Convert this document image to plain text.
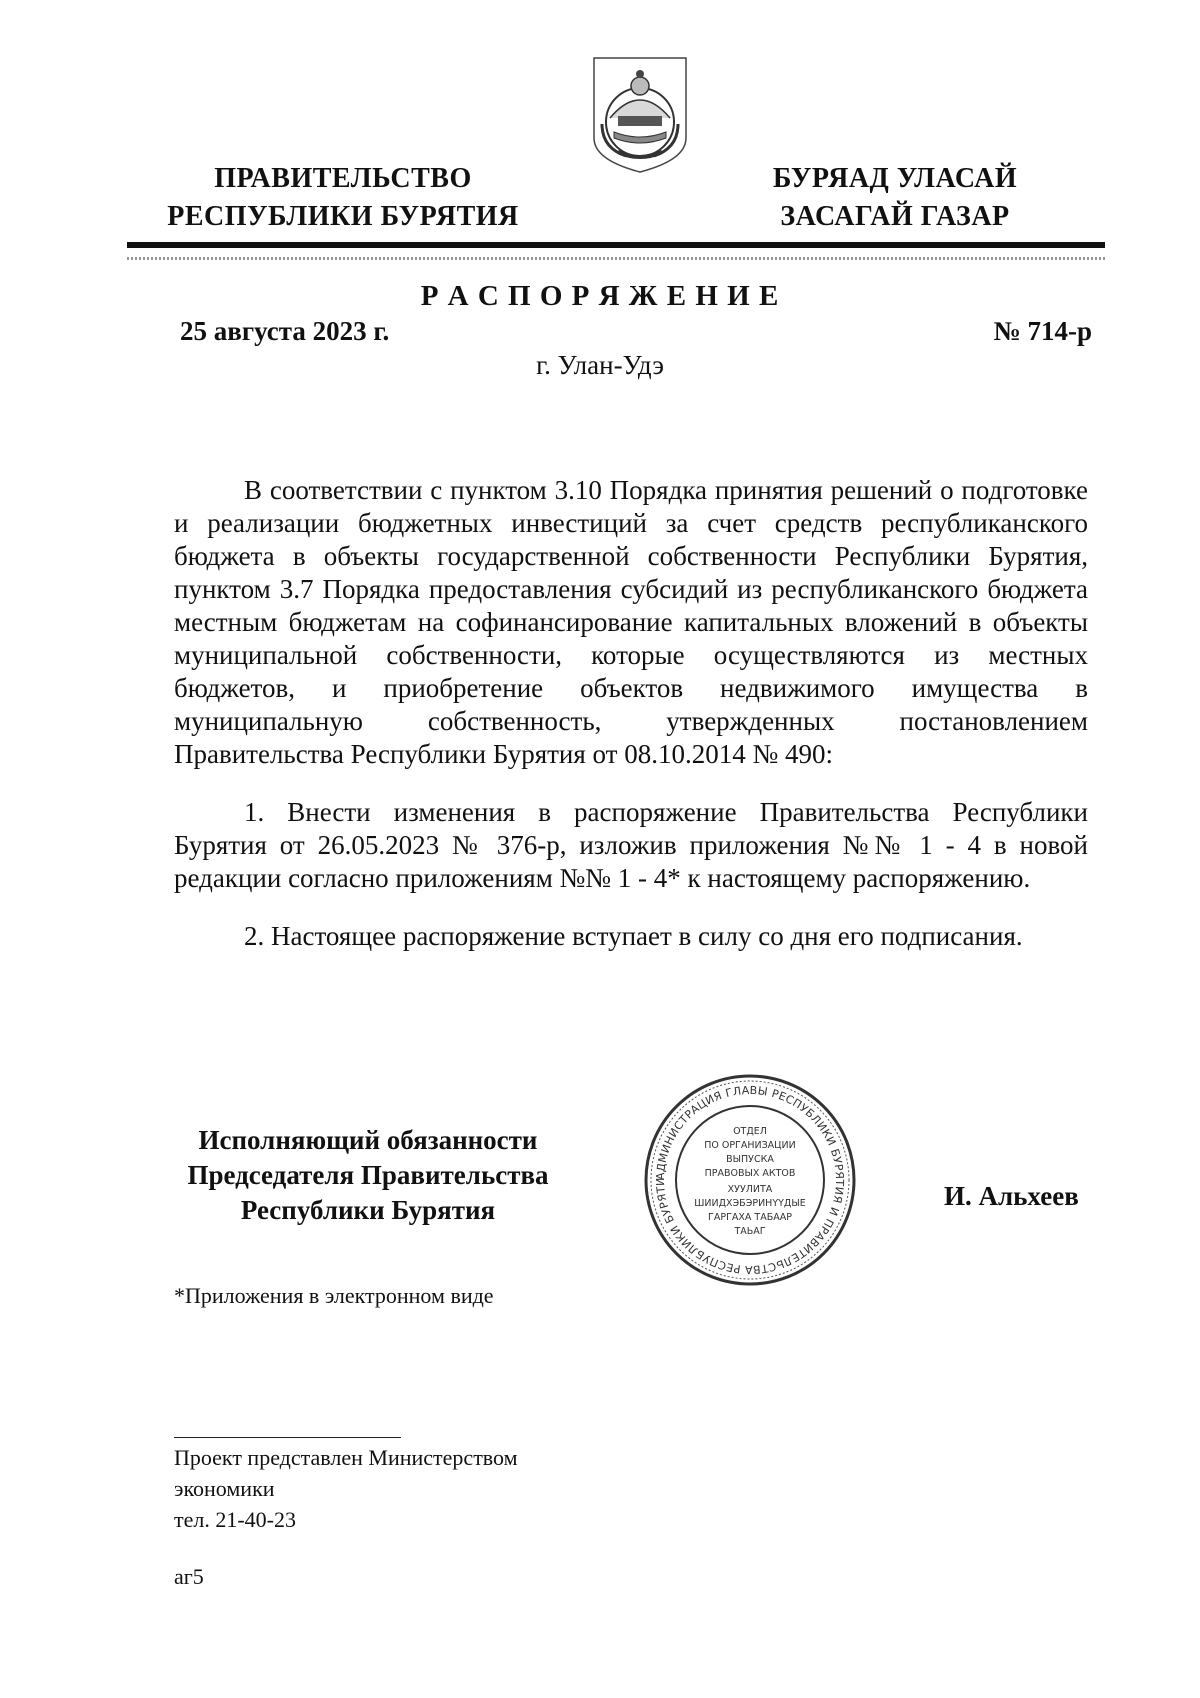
ПРАВИТЕЛЬСТВО
РЕСПУБЛИКИ БУРЯТИЯ
БУРЯАД УЛАСАЙ
ЗАСАГАЙ ГАЗАР
Р А С П О Р Я Ж Е Н И Е
25 августа 2023 г.	№ 714-р
г. Улан-Удэ

В соответствии с пунктом 3.10 Порядка принятия решений о подготовке и реализации бюджетных инвестиций за счет средств республиканского бюджета в объекты государственной собственности Республики Бурятия, пунктом 3.7 Порядка предоставления субсидий из республиканского бюджета местным бюджетам на софинансирование капитальных вложений в объекты муниципальной собственности, которые осуществляются из местных бюджетов, и приобретение объектов недвижимого имущества в муниципальную собственность, утвержденных постановлением Правительства Республики Бурятия от 08.10.2014 № 490:

1. Внести изменения в распоряжение Правительства Республики Бурятия от 26.05.2023 № 376-р, изложив приложения №№ 1 - 4 в новой редакции согласно приложениям №№ 1 - 4* к настоящему распоряжению.

2. Настоящее распоряжение вступает в силу со дня его подписания.

Исполняющий обязанности
Председателя Правительства
Республики Бурятия	И. Альхеев
АДМИНИСТРАЦИЯ ГЛАВЫ РЕСПУБЛИКИ БУРЯТИЯ И ПРАВИТЕЛЬСТВА РЕСПУБЛИКИ БУРЯТИ
ОТДЕЛ
ПО ОРГАНИЗАЦИИ
ВЫПУСКА
ПРАВОВЫХ АКТОВ
ХУУЛИТА
ШИИДХЭБЭРИНҮҮДЫЕ
ГАРГАХА ТАБААР
ТАЬАГ
*Приложения в электронном виде
Проект представлен Министерством
экономики
тел. 21-40-23
аг5
